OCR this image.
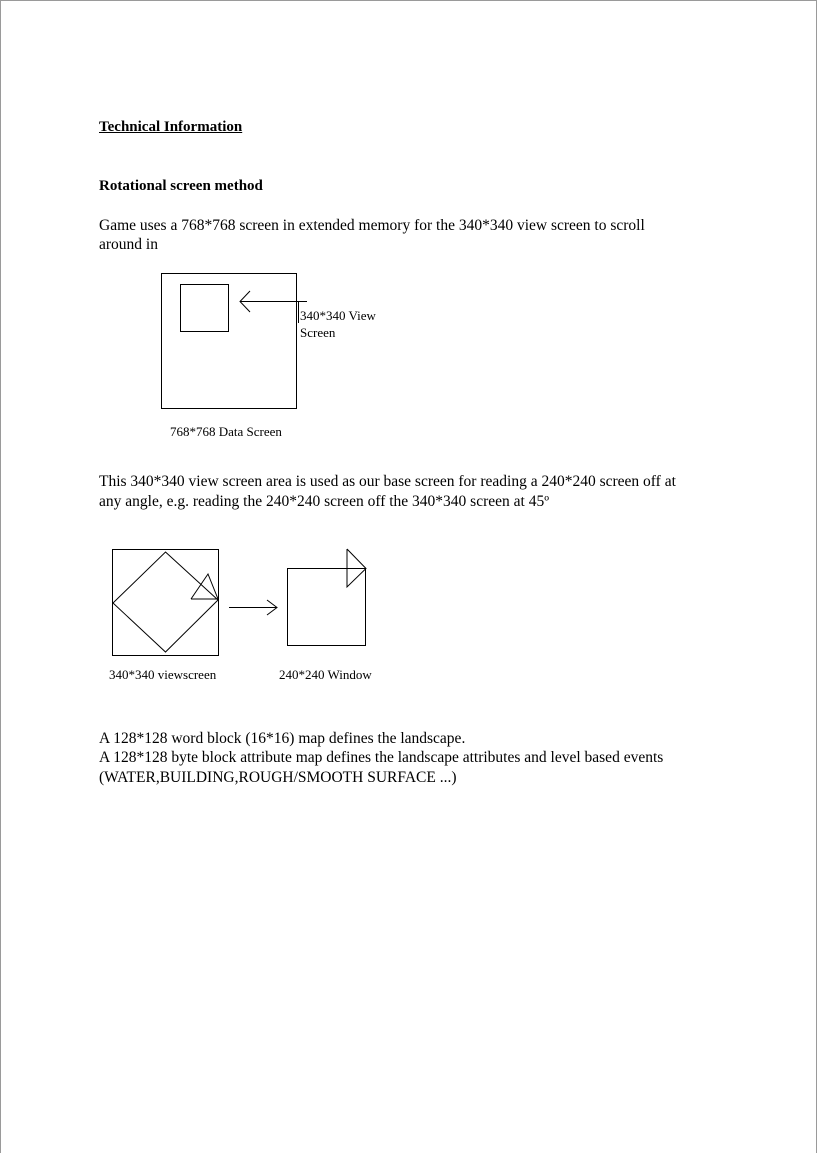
Technical Information
Rotational screen method
Game uses a 768*768 screen in extended memory for the 340*340 view screen to scroll
around in
340*340 View
Screen
768*768 Data Screen
This 340*340 view screen area is used as our base screen for reading a 240*240 screen off at
any angle, e.g. reading the 240*240 screen off the 340*340 screen at 45º
340*340 viewscreen	240*240 Window
A 128*128 word block (16*16) map defines the landscape.
A 128*128 byte block attribute map defines the landscape attributes and level based events
(WATER,BUILDING,ROUGH/SMOOTH SURFACE ...)
